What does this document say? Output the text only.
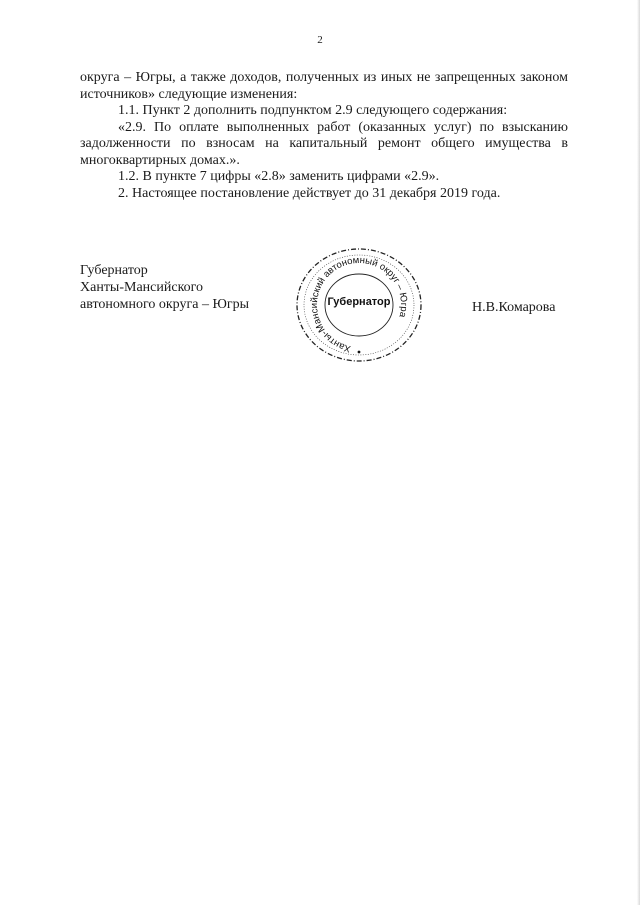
2

округа – Югры, а также доходов, полученных из иных не запрещенных законом источников» следующие изменения:

1.1. Пункт 2 дополнить подпунктом 2.9 следующего содержания:

«2.9. По оплате выполненных работ (оказанных услуг) по взысканию задолженности по взносам на капитальный ремонт общего имущества в многоквартирных домах.».

1.2. В пункте 7 цифры «2.8» заменить цифрами «2.9».

2. Настоящее постановление действует до 31 декабря 2019 года.

Губернатор
Ханты-Мансийского
автономного округа – Югры
Ханты-Мансийский автономный округ – Югра
Губернатор	Н.В.Комарова
